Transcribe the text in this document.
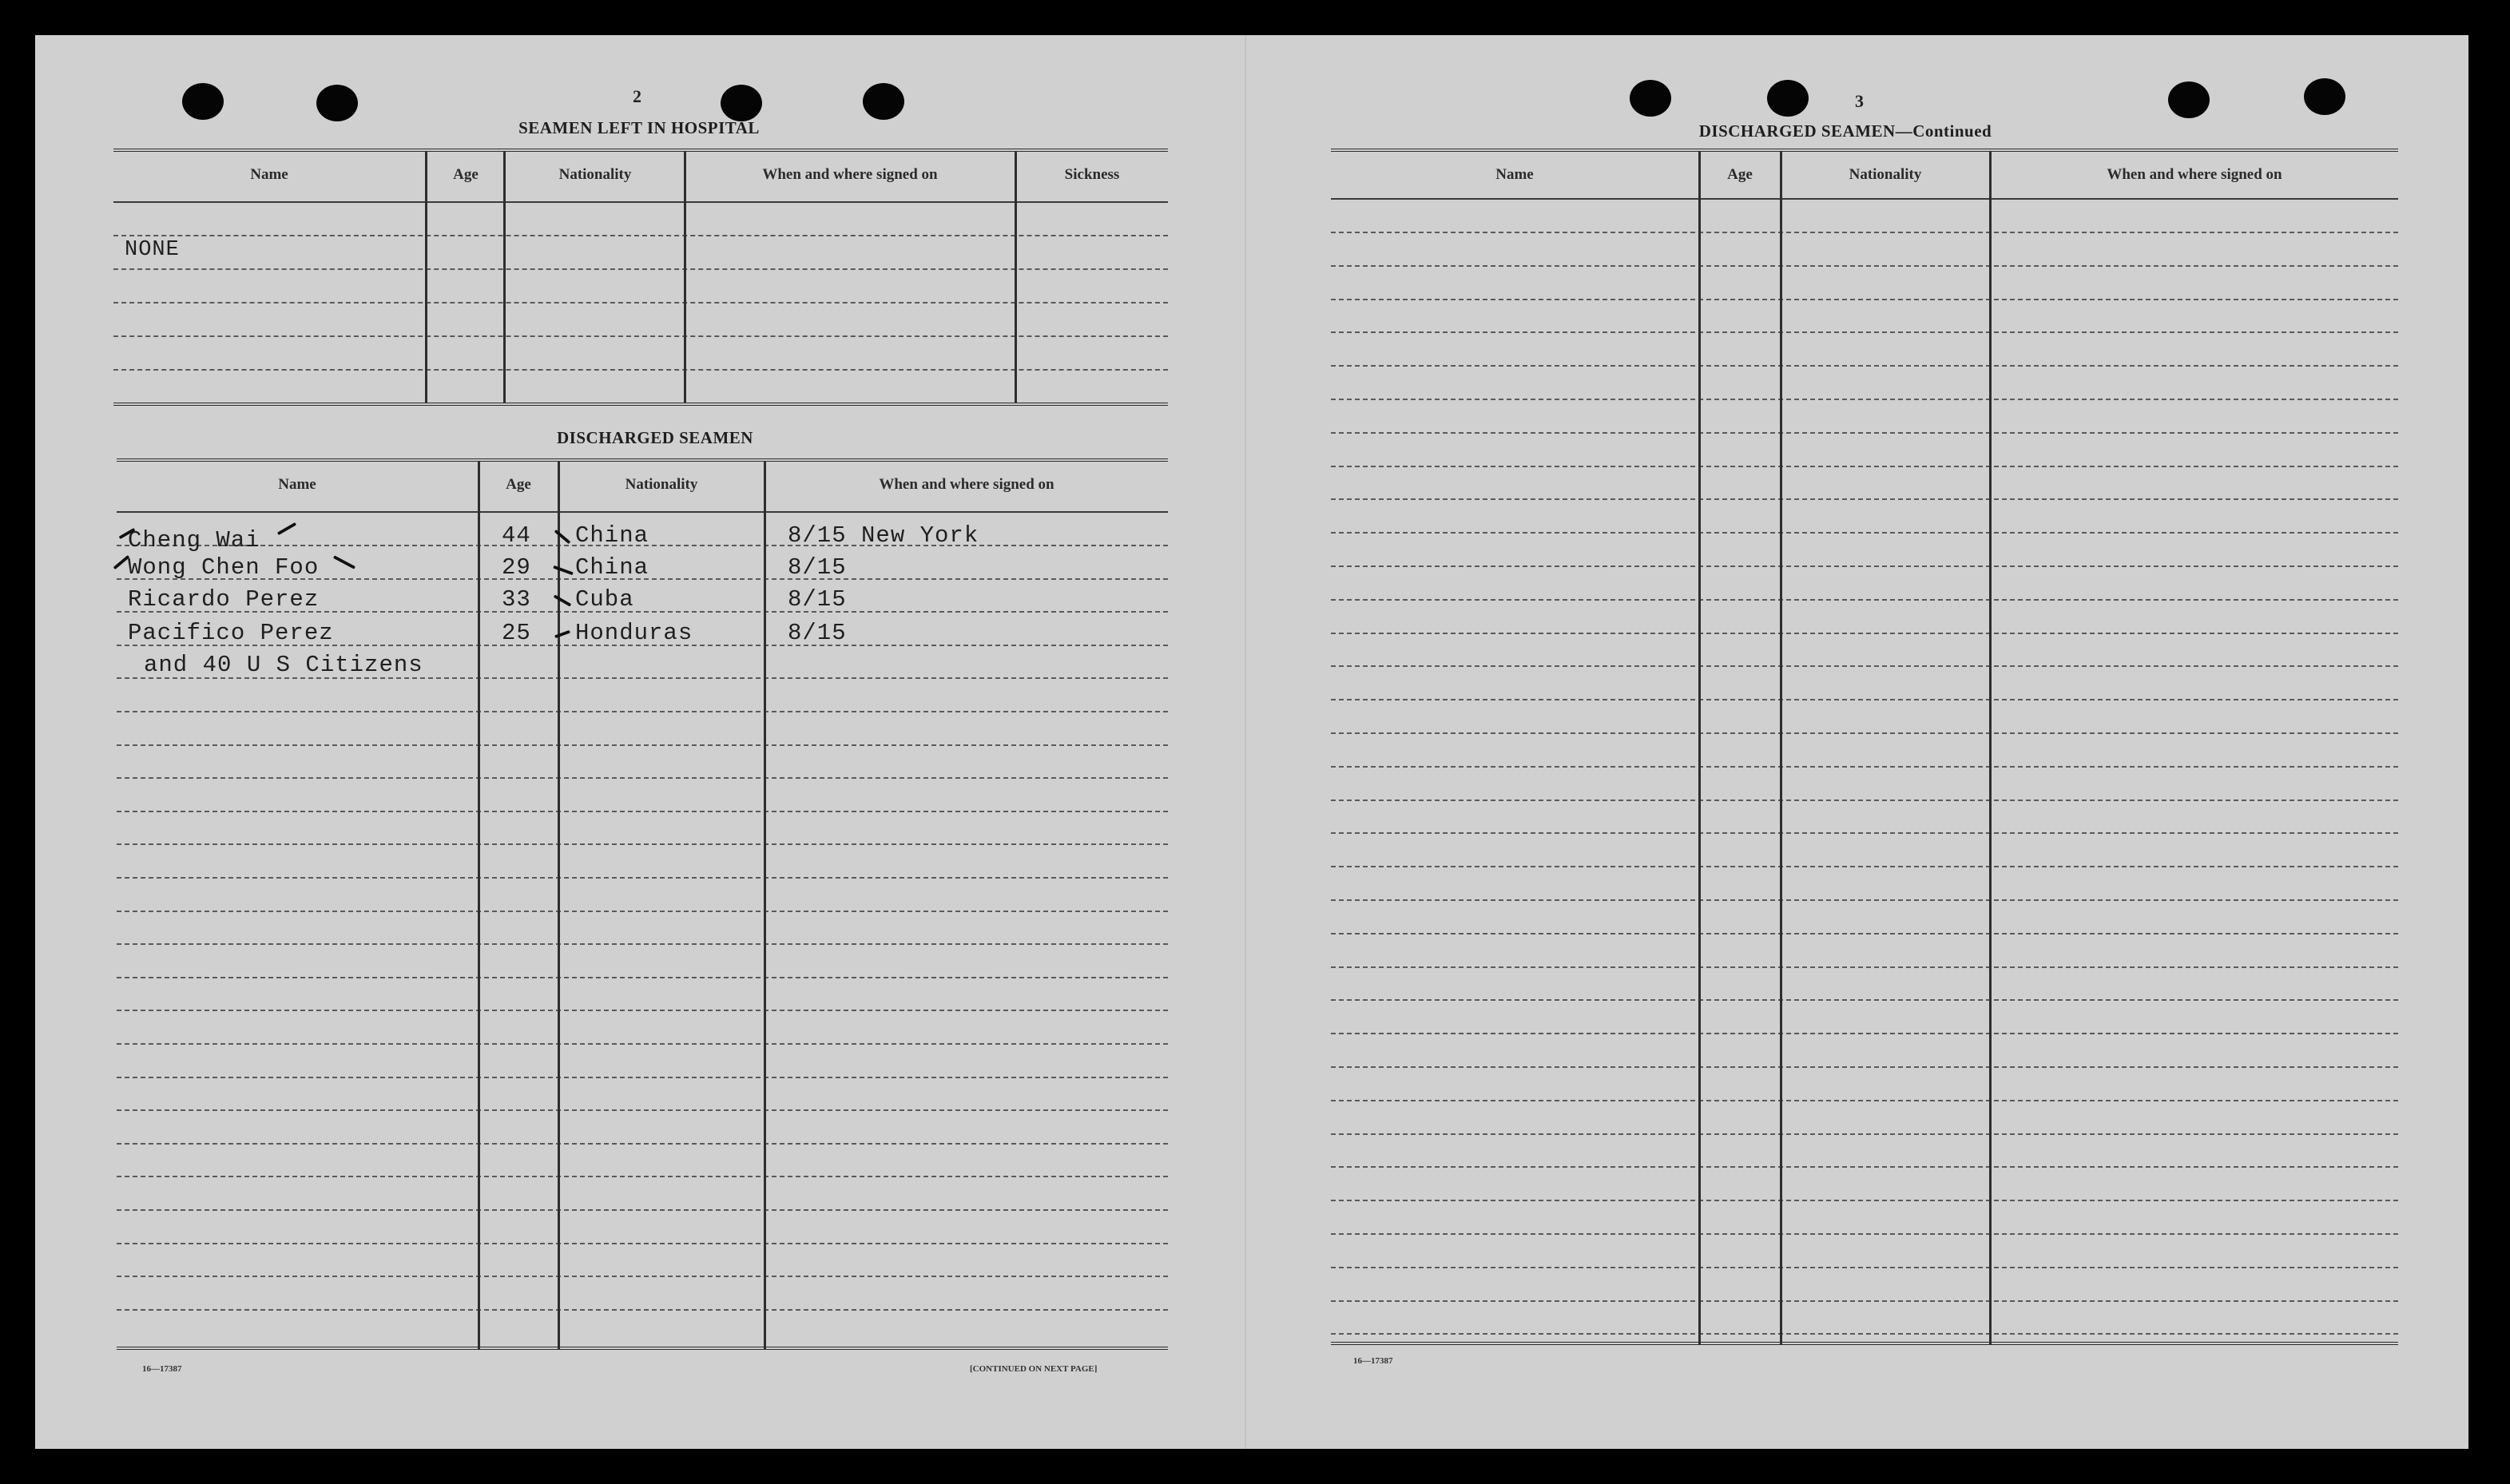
2
SEAMEN LEFT IN HOSPITAL
Name	Age	Nationality	When and where signed on	Sickness
NONE
DISCHARGED SEAMEN
Name	Age	Nationality	When and where signed on
Cheng Wai	44 China	8/15 New York
Wong Chen Foo	29 China	8/15
Ricardo Perez	33 Cuba	8/15
Pacifico Perez	25 Honduras	8/15
and 40 U S Citizens
16—17387	[CONTINUED ON NEXT PAGE]
3
DISCHARGED SEAMEN—Continued
Name	Age	Nationality	When and where signed on
16—17387
